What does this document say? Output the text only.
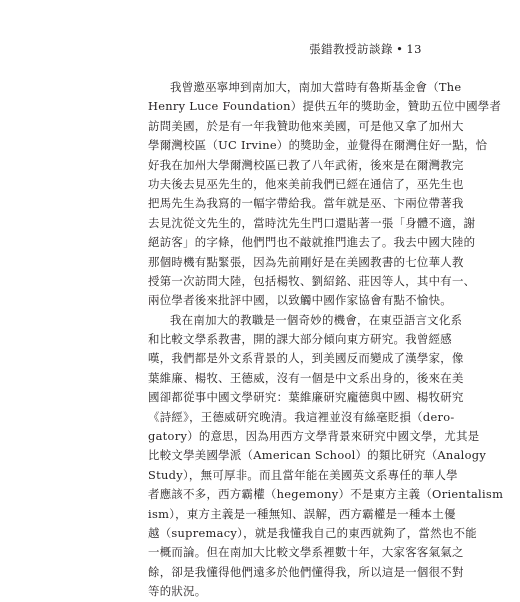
張錯教授訪談錄 • 13
我曾邀巫寧坤到南加大，南加大當時有魯斯基金會（The
Henry Luce Foundation）提供五年的獎助金，贊助五位中國學者
訪問美國，於是有一年我贊助他來美國，可是他又拿了加州大
學爾灣校區（UC Irvine）的獎助金，並覺得在爾灣住好一點，恰
好我在加州大學爾灣校區已教了八年武術，後來是在爾灣教完
功夫後去見巫先生的，他來美前我們已經在通信了，巫先生也
把馬先生為我寫的一幅字帶給我。當年就是巫、卞兩位帶著我
去見沈從文先生的，當時沈先生門口還貼著一張「身體不適，謝
絕訪客」的字條，他們門也不敲就推門進去了。我去中國大陸的
那個時機有點緊張，因為先前剛好是在美國教書的七位華人教
授第一次訪問大陸，包括楊牧、劉紹銘、莊因等人，其中有一、
兩位學者後來批評中國，以致觸中國作家協會有點不愉快。
我在南加大的教職是一個奇妙的機會，在東亞語言文化系
和比較文學系教書，開的課大部分傾向東方研究。我曾經感
嘆，我們都是外文系背景的人，到美國反而變成了漢學家，像
葉維廉、楊牧、王德威，沒有一個是中文系出身的，後來在美
國卻都從事中國文學研究：葉維廉研究龐德與中國、楊牧研究
《詩經》，王德威研究晚清。我這裡並沒有絲毫貶損（dero-
gatory）的意思，因為用西方文學背景來研究中國文學，尤其是
比較文學美國學派（American School）的類比研究（Analogy
Study），無可厚非。而且當年能在美國英文系專任的華人學
者應該不多，西方霸權（hegemony）不是東方主義（Orientalism
ism），東方主義是一種無知、誤解，西方霸權是一種本土優
越（supremacy），就是我懂我自己的東西就夠了，當然也不能
一概而論。但在南加大比較文學系裡數十年，大家客客氣氣之
餘，卻是我懂得他們遠多於他們懂得我，所以這是一個很不對
等的狀況。
